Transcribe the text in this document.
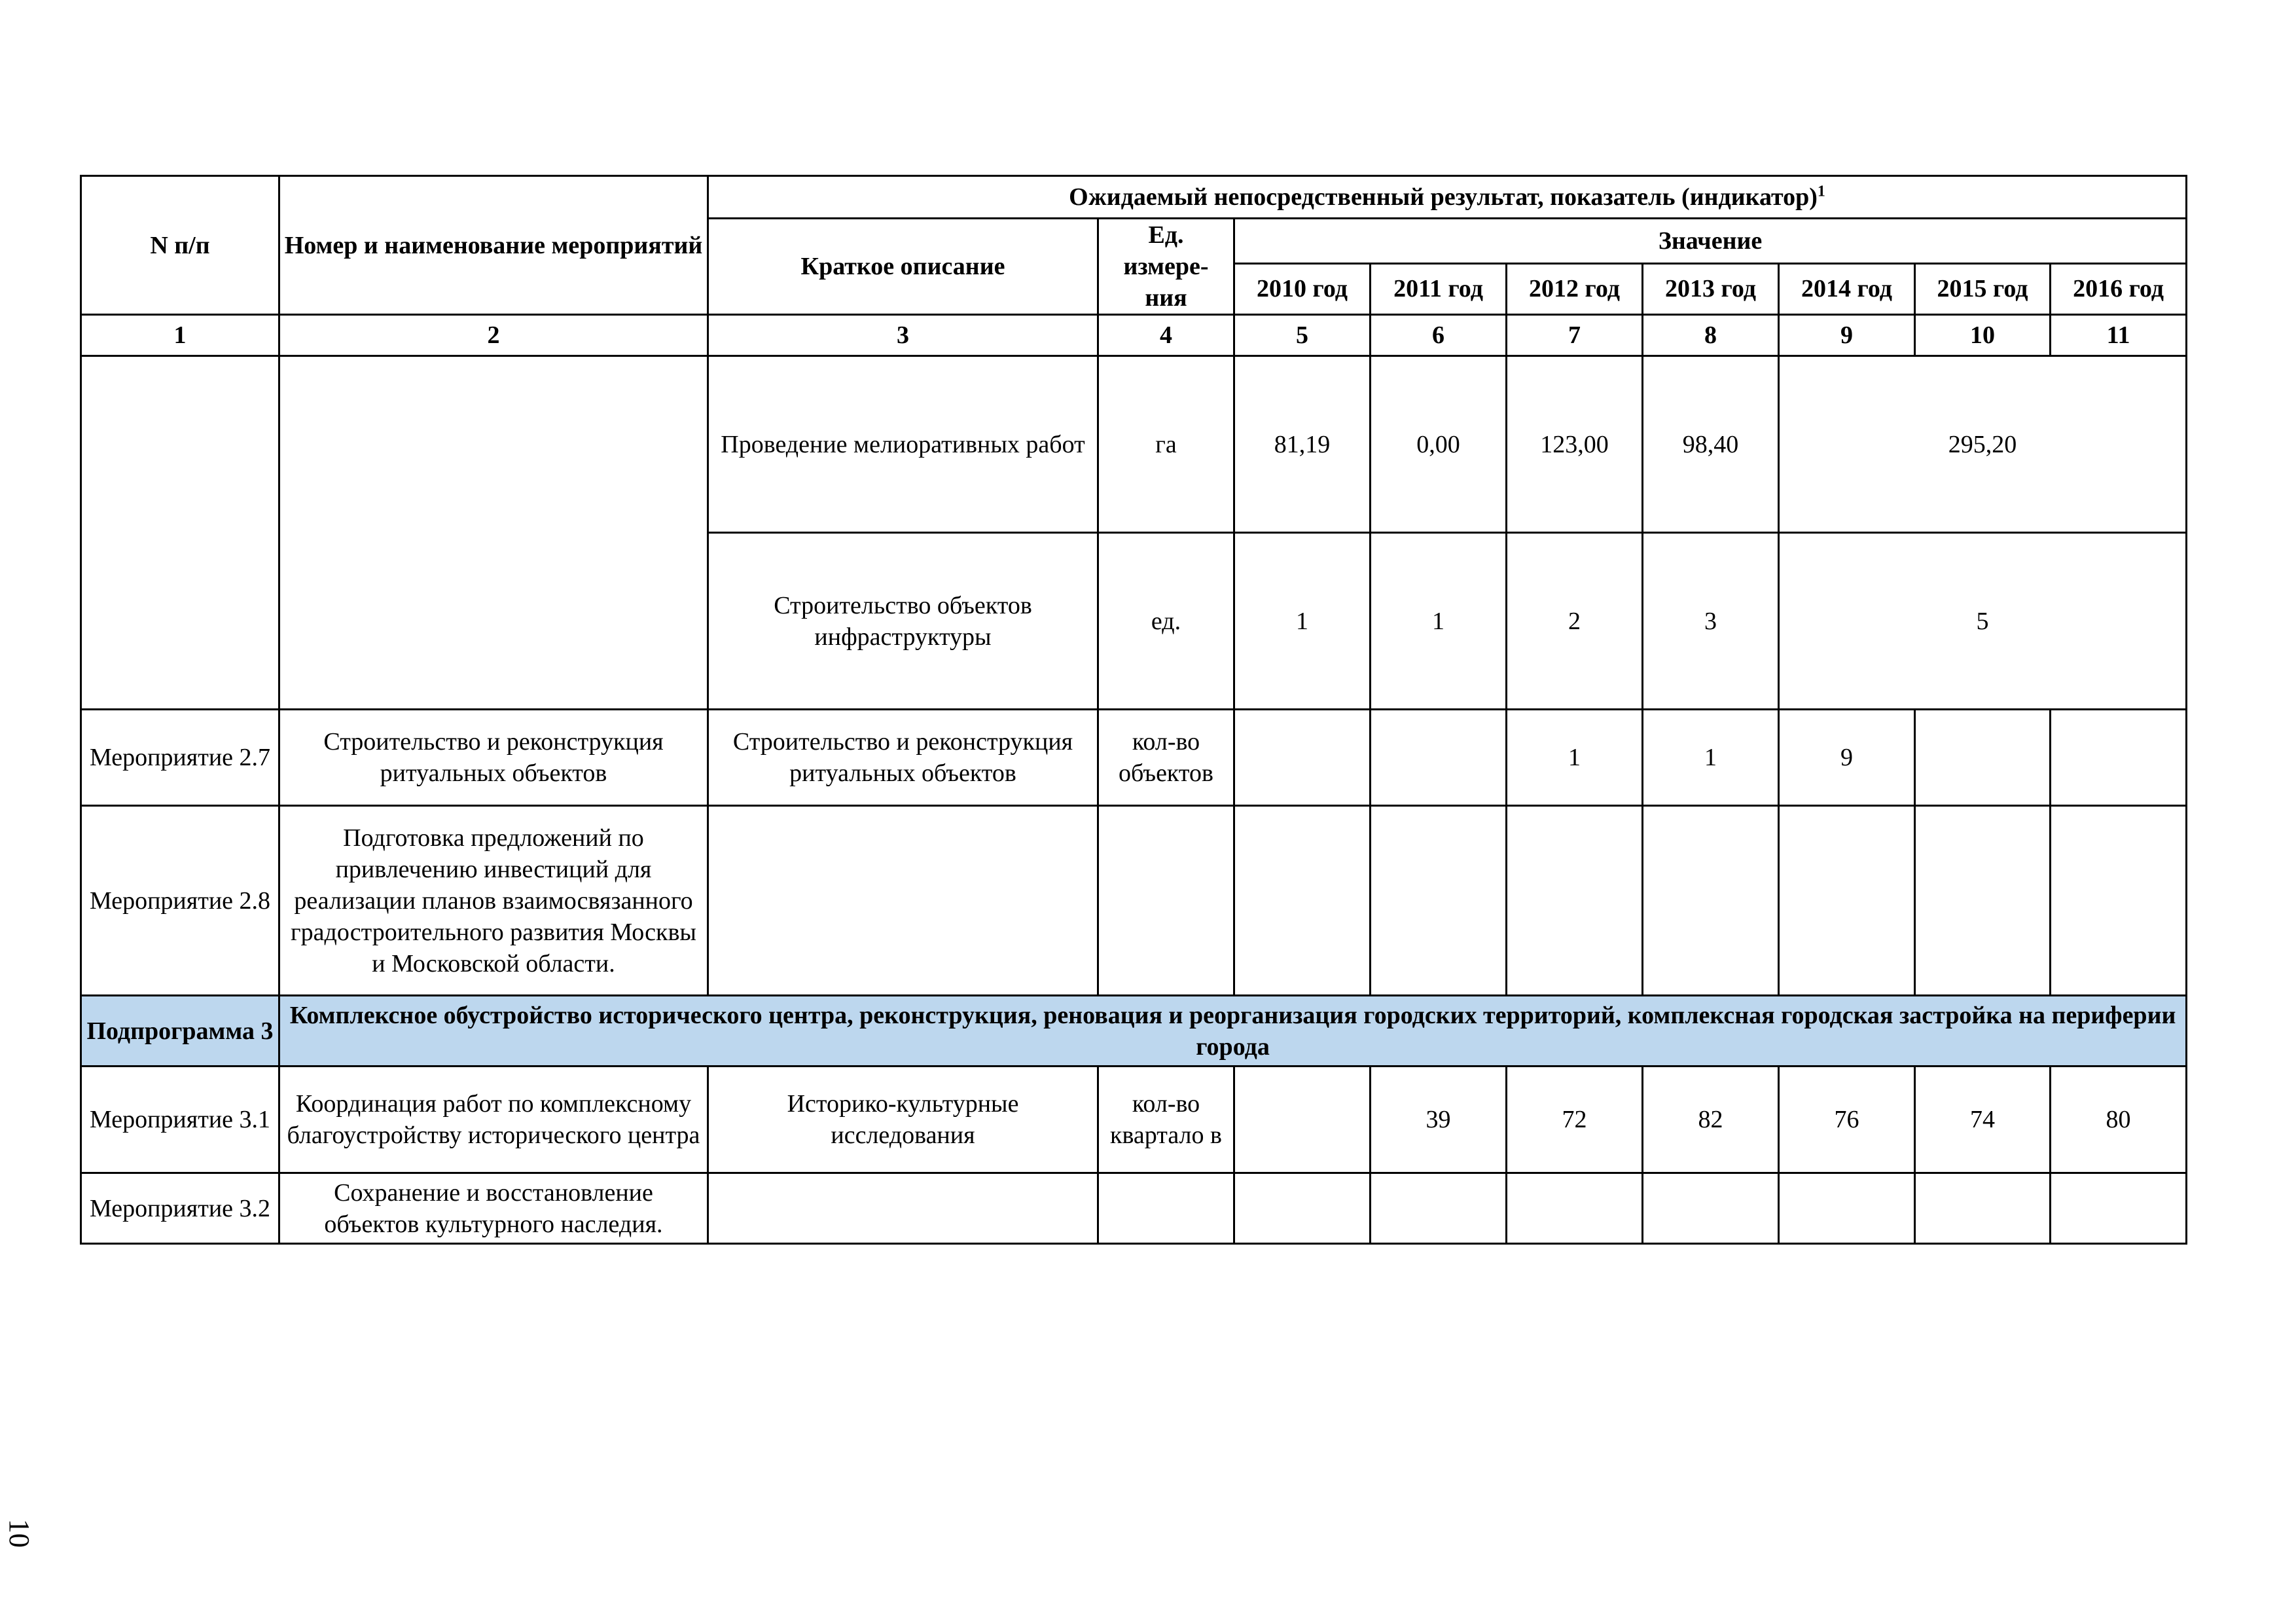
N п/п	Номер и наименование мероприятий	Ожидаемый непосредственный результат, показатель (индикатор)$^1$
		Краткое описание	Ед. измере-ния	Значение						
				2010 год	2011 год	2012 год	2013 год	2014 год	2015 год	2016 год
1	2	3	4	5	6	7	8	9	10	11
		Проведение мелиоративных работ	га	81,19	0,00	123,00	98,40	295,20		
		Строительство объектов инфраструктуры	ед.	1	1	2	3	5		
Мероприятие 2.7	Строительство и реконструкция ритуальных объектов	Строительство и реконструкция ритуальных объектов	кол-во объектов			1	1	9		
Мероприятие 2.8	Подготовка предложений по привлечению инвестиций для реализации планов взаимосвязанного градостроительного развития Москвы и Московской области.									
Подпрограмма 3	Комплексное обустройство исторического центра, реконструкция, реновация и реорганизация городских территорий, комплексная городская застройка на периферии города									
Мероприятие 3.1	Координация работ по комплексному благоустройству исторического центра	Историко-культурные исследования	кол-во квартало в		39	72	82	76	74	80
Мероприятие 3.2	Сохранение и восстановление объектов культурного наследия.									
10
